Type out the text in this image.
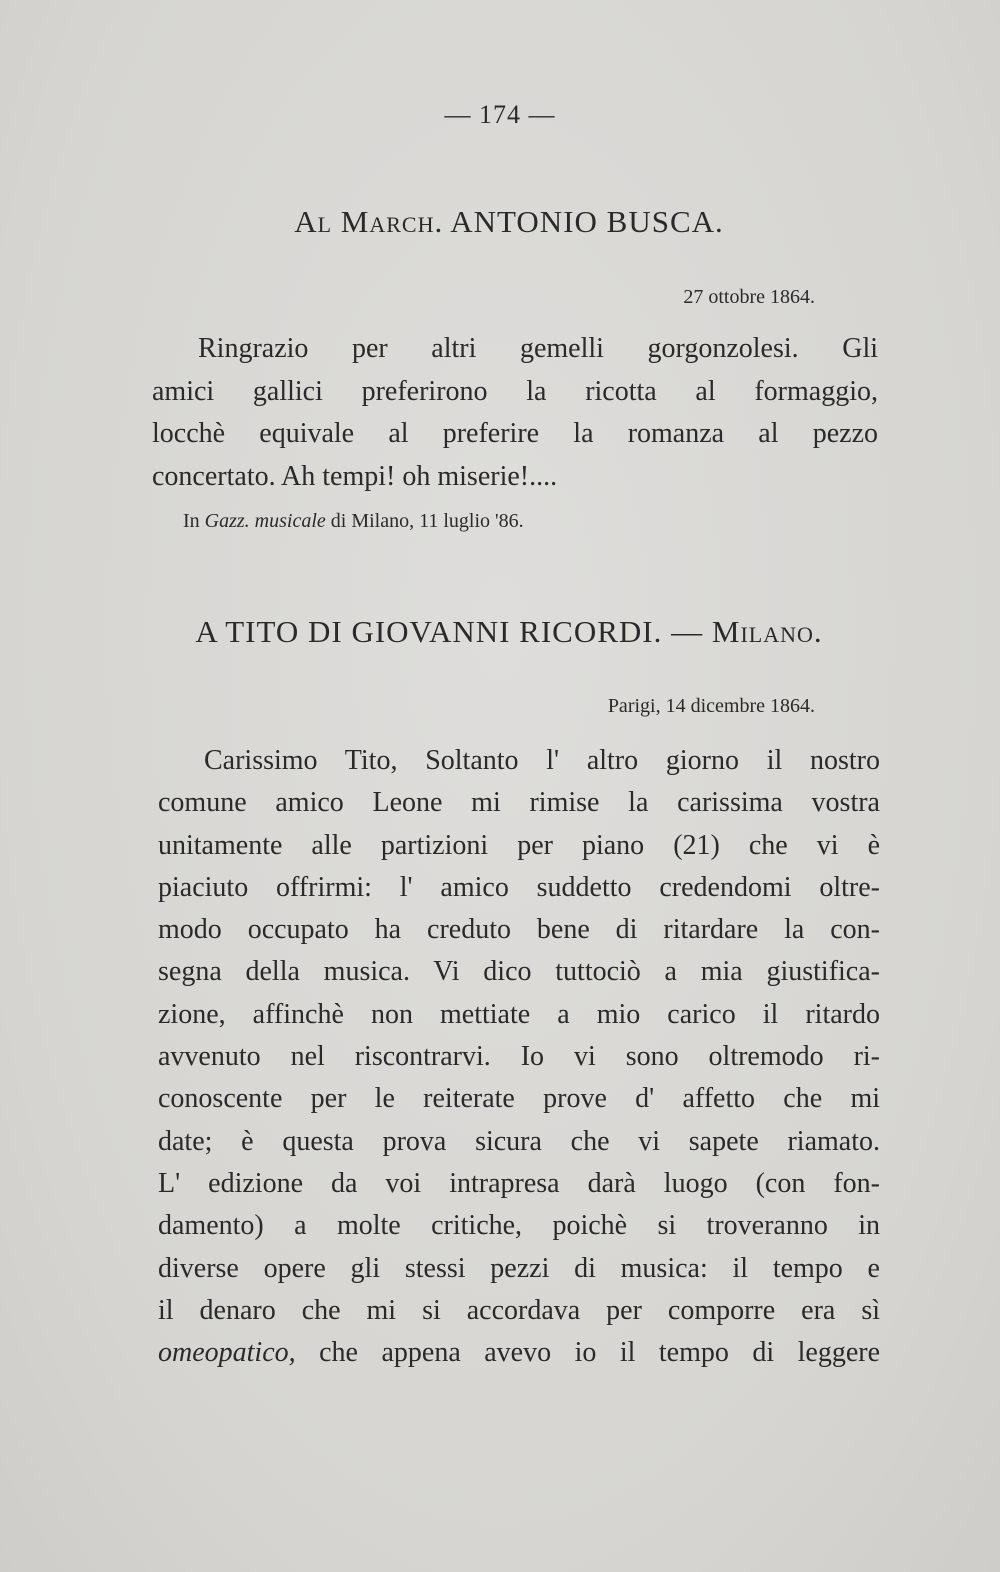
— 174 —
Al March. ANTONIO BUSCA.
27 ottobre 1864.
Ringrazio per altri gemelli gorgonzolesi. Gli
amici gallici preferirono la ricotta al formaggio,
locchè equivale al preferire la romanza al pezzo
concertato. Ah tempi! oh miserie!....
In Gazz. musicale di Milano, 11 luglio '86.
A TITO DI GIOVANNI RICORDI. — Milano.
Parigi, 14 dicembre 1864.
Carissimo Tito, Soltanto l' altro giorno il nostro
comune amico Leone mi rimise la carissima vostra
unitamente alle partizioni per piano (21) che vi è
piaciuto offrirmi: l' amico suddetto credendomi oltre-
modo occupato ha creduto bene di ritardare la con-
segna della musica. Vi dico tuttociò a mia giustifica-
zione, affinchè non mettiate a mio carico il ritardo
avvenuto nel riscontrarvi. Io vi sono oltremodo ri-
conoscente per le reiterate prove d' affetto che mi
date; è questa prova sicura che vi sapete riamato.
L' edizione da voi intrapresa darà luogo (con fon-
damento) a molte critiche, poichè si troveranno in
diverse opere gli stessi pezzi di musica: il tempo e
il denaro che mi si accordava per comporre era sì
omeopatico, che appena avevo io il tempo di leggere
